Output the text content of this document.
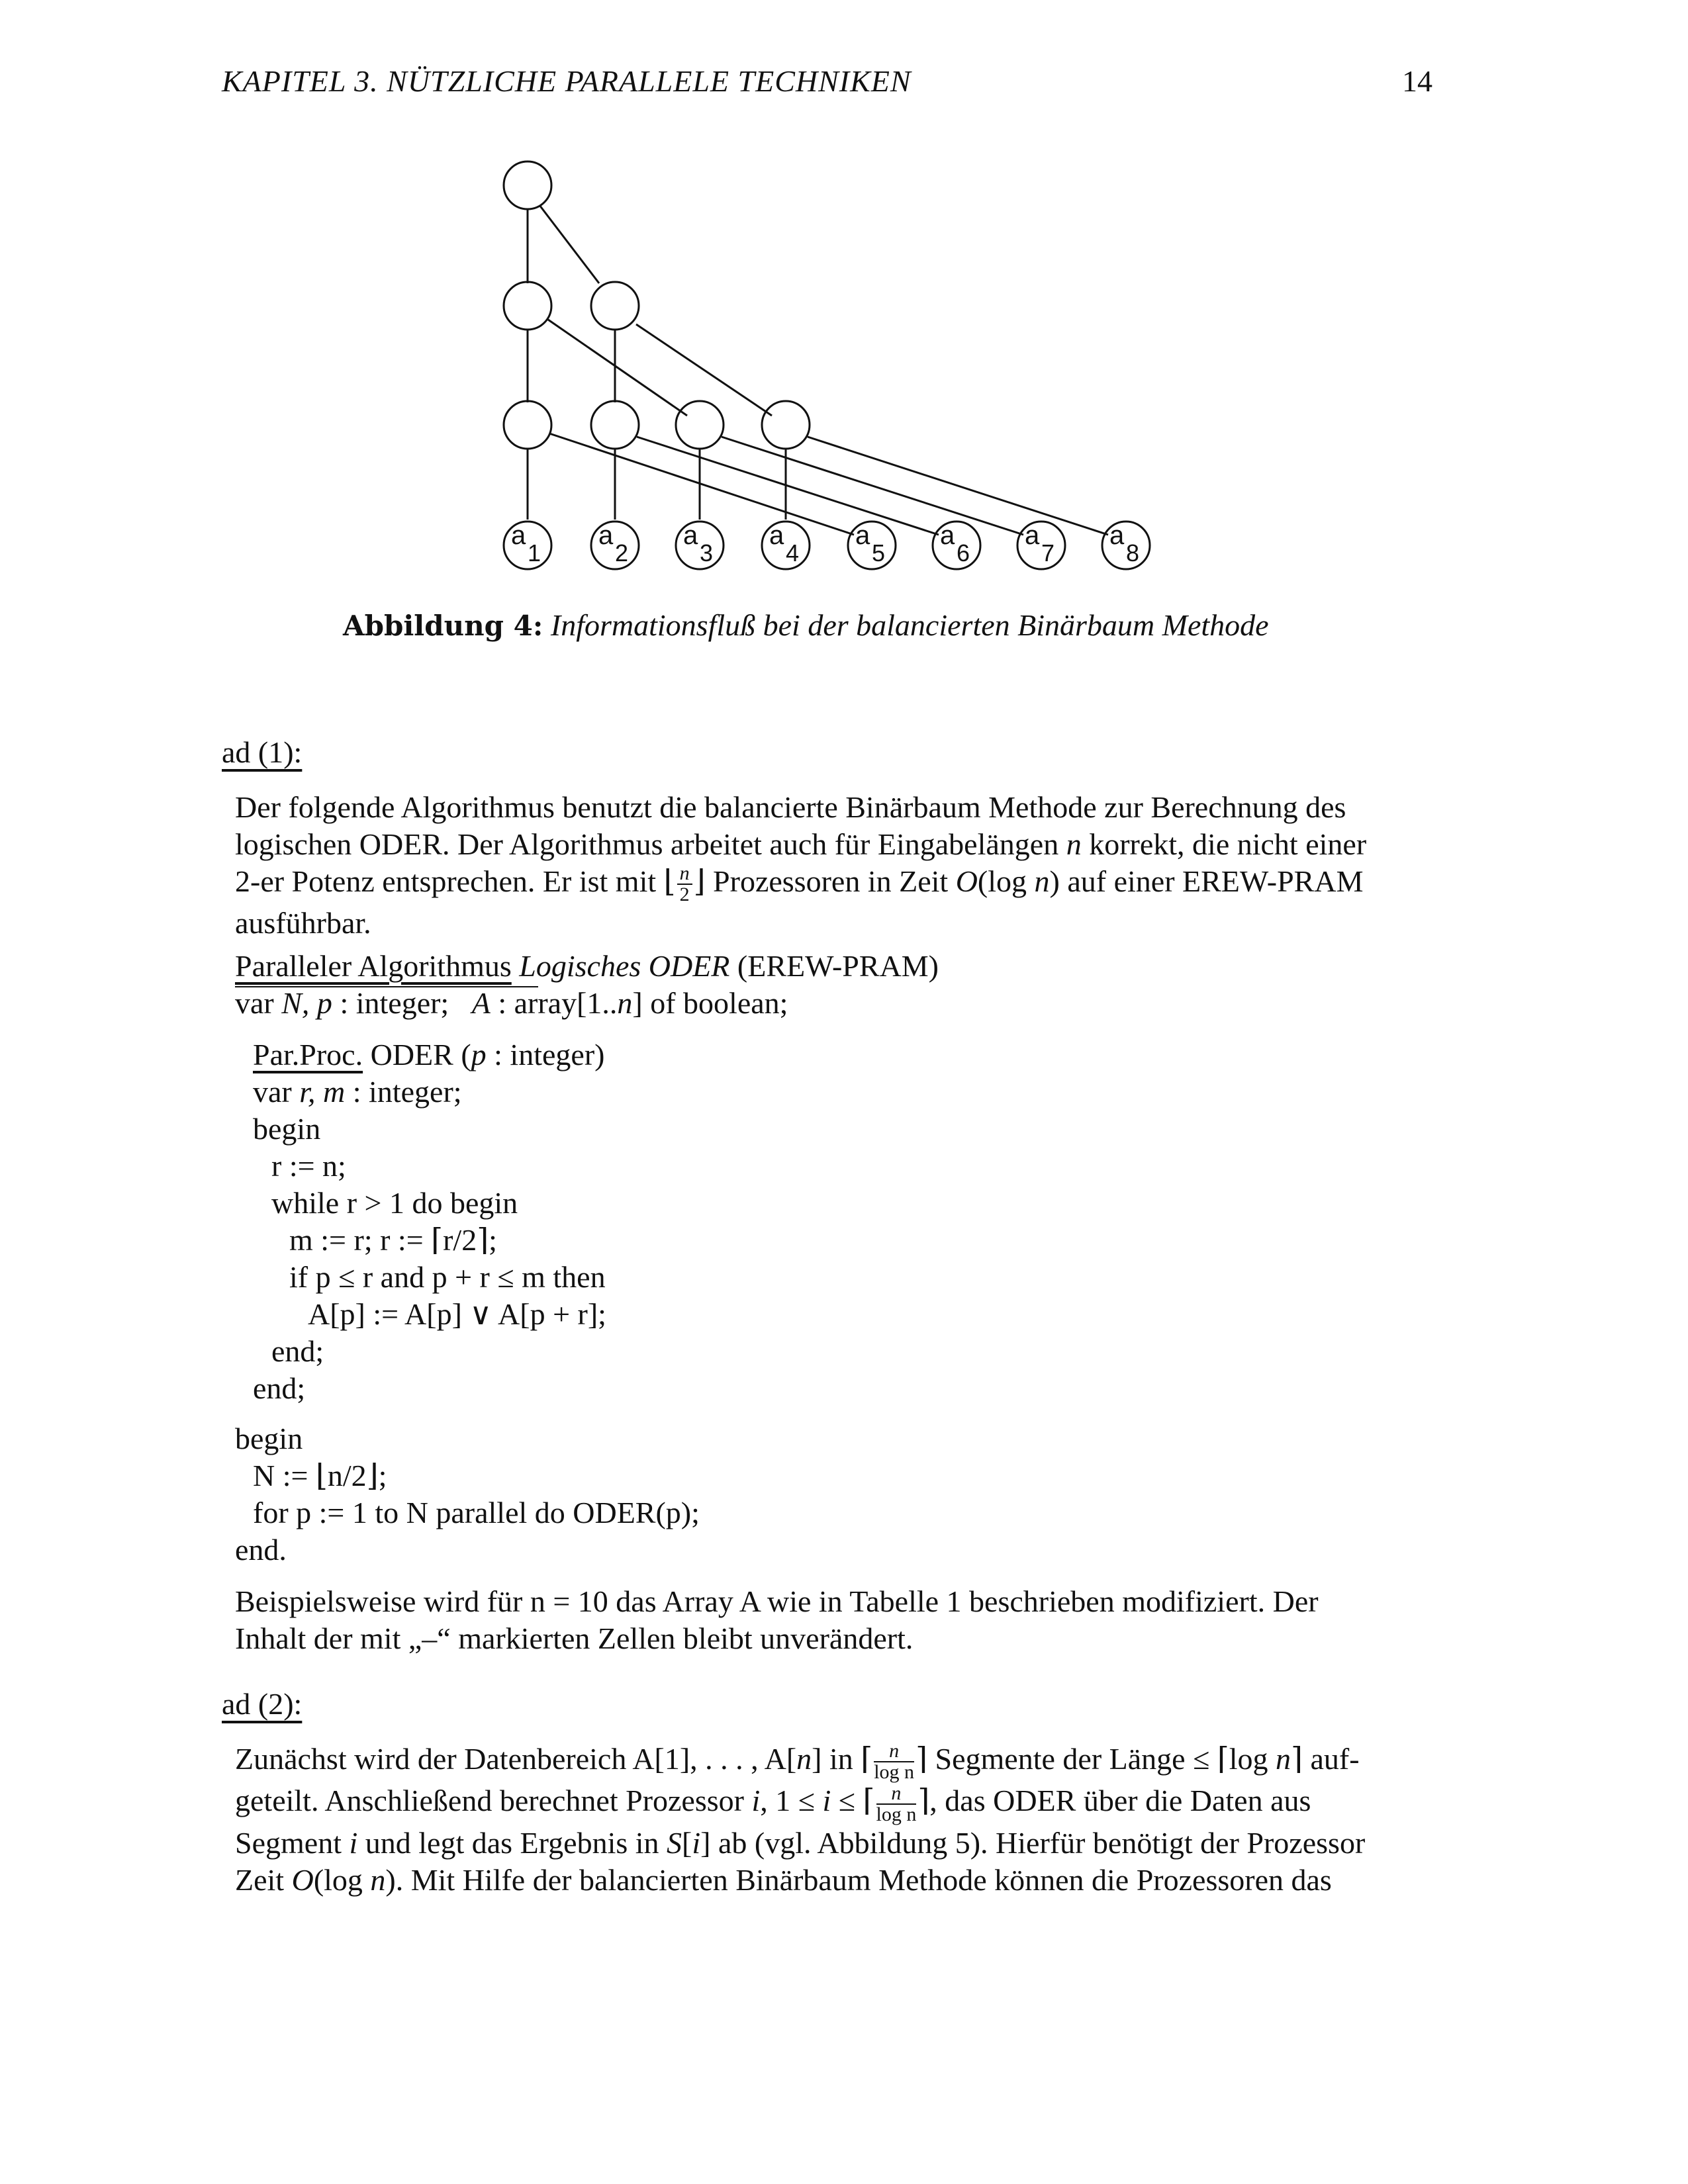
KAPITEL 3. NÜTZLICHE PARALLELE TECHNIKEN	14
a
1
a
2
a
3
a
4
a
5
a
6
a
7
a
8
Abbildung 4: Informationsfluß bei der balancierten Binärbaum Methode
ad (1):
Der folgende Algorithmus benutzt die balancierte Binärbaum Methode zur Berechnung des
logischen ODER. Der Algorithmus arbeitet auch für Eingabelängen n korrekt, die nicht einer
2-er Potenz entsprechen. Er ist mit ⌊ $\frac{n}{2}$ ⌋ Prozessoren in Zeit O(log n) auf einer EREW-PRAM
ausführbar.
Paralleler Algorithmus Logisches ODER (EREW-PRAM)
var N, p : integer;   A : array[1..n] of boolean;
Par.Proc. ODER (p : integer)
var r, m : integer;
begin
r := n;
while r > 1 do begin
m := r; r := ⌈r/2⌉;
if p ≤ r and p + r ≤ m then
A[p] := A[p] ∨ A[p + r];
end;
end;
begin
N := ⌊n/2⌋;
for p := 1 to N parallel do ODER(p);
end.
Beispielsweise wird für n = 10 das Array A wie in Tabelle 1 beschrieben modifiziert. Der
Inhalt der mit „–“ markierten Zellen bleibt unverändert.
ad (2):
Zunächst wird der Datenbereich A[1], . . . , A[n] in ⌈ $\frac{n}{\text{log n}}$ ⌉ Segmente der Länge ≤ ⌈log n⌉ auf-
geteilt. Anschließend berechnet Prozessor i, 1 ≤ i ≤ ⌈ $\frac{n}{\text{log n}}$ ⌉, das ODER über die Daten aus
Segment i und legt das Ergebnis in S[i] ab (vgl. Abbildung 5). Hierfür benötigt der Prozessor
Zeit O(log n). Mit Hilfe der balancierten Binärbaum Methode können die Prozessoren das
